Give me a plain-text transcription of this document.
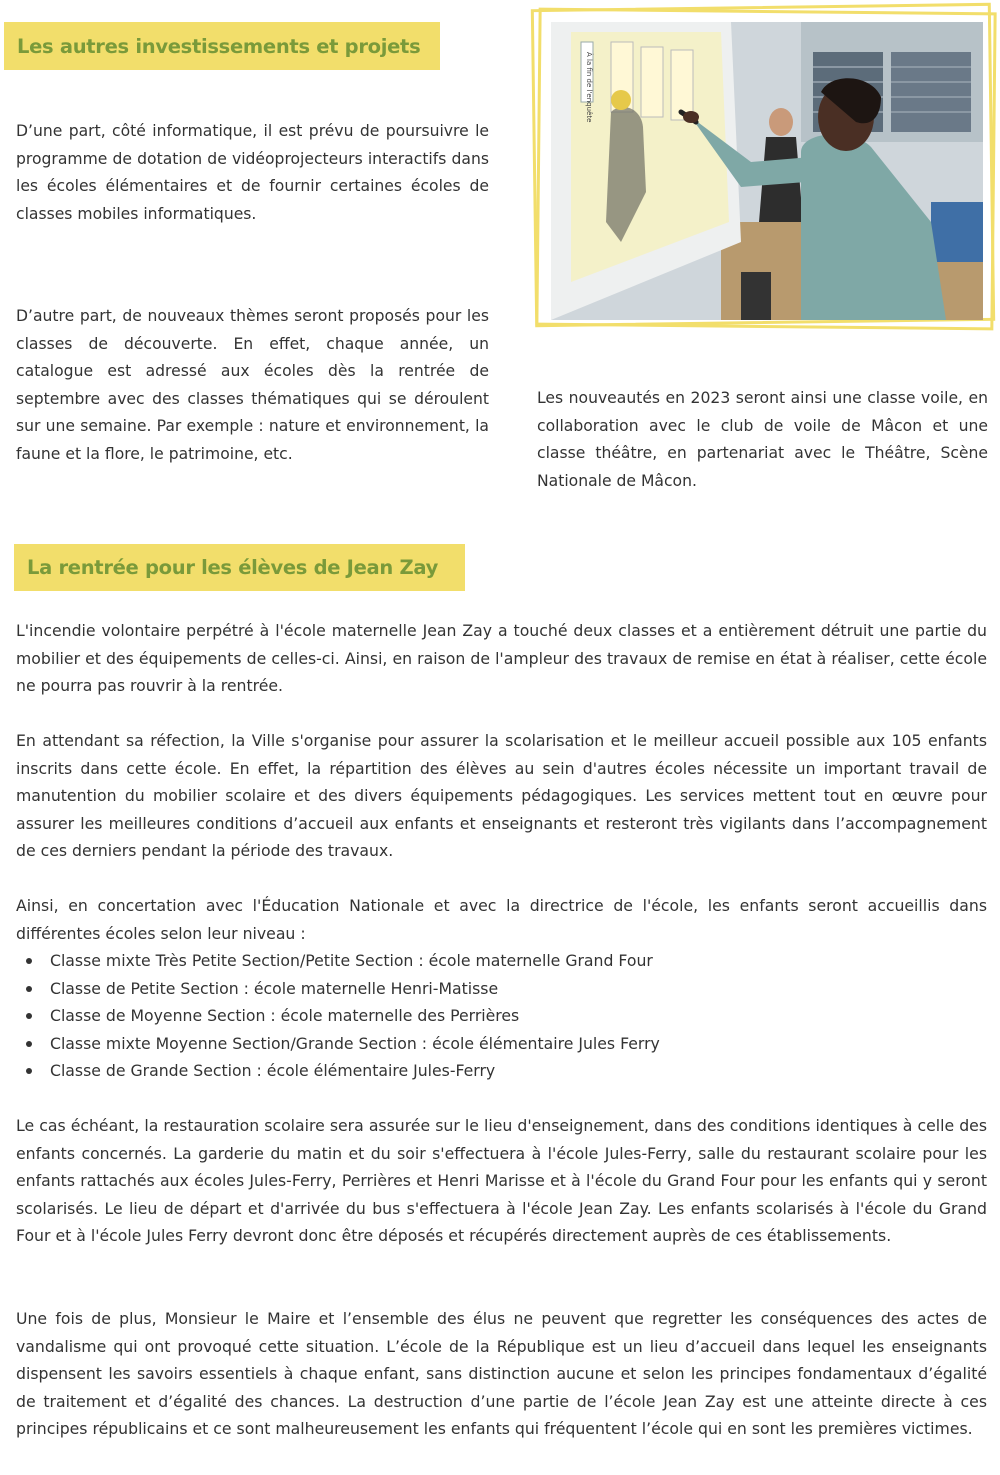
Les autres investissements et projets

D’une part, côté informatique, il est prévu de poursuivre le programme de dotation de vidéoprojecteurs interactifs dans les écoles élémentaires et de fournir certaines écoles de classes mobiles informatiques.

D’autre part, de nouveaux thèmes seront proposés pour les classes de découverte. En effet, chaque année, un catalogue est adressé aux écoles dès la rentrée de septembre avec des classes thématiques qui se déroulent sur une semaine. Par exemple : nature et environnement, la faune et la flore, le patrimoine, etc.

Les nouveautés en 2023 seront ainsi une classe voile, en collaboration avec le club de voile de Mâcon et une classe théâtre, en partenariat avec le Théâtre, Scène Nationale de Mâcon.

À la fin de l'enquête
La rentrée pour les élèves de Jean Zay

L'incendie volontaire perpétré à l'école maternelle Jean Zay a touché deux classes et a entièrement détruit une partie du mobilier et des équipements de celles-ci. Ainsi, en raison de l'ampleur des travaux de remise en état à réaliser, cette école ne pourra pas rouvrir à la rentrée.

En attendant sa réfection, la Ville s'organise pour assurer la scolarisation et le meilleur accueil possible aux 105 enfants inscrits dans cette école. En effet, la répartition des élèves au sein d'autres écoles nécessite un important travail de manutention du mobilier scolaire et des divers équipements pédagogiques. Les services mettent tout en œuvre pour assurer les meilleures conditions d’accueil aux enfants et enseignants et resteront très vigilants dans l’accompagnement de ces derniers pendant la période des travaux.

Ainsi, en concertation avec l'Éducation Nationale et avec la directrice de l'école, les enfants seront accueillis dans différentes écoles selon leur niveau :

Classe mixte Très Petite Section/Petite Section : école maternelle Grand Four
Classe de Petite Section : école maternelle Henri-Matisse
Classe de Moyenne Section : école maternelle des Perrières
Classe mixte Moyenne Section/Grande Section : école élémentaire Jules Ferry
Classe de Grande Section : école élémentaire Jules-Ferry

Le cas échéant, la restauration scolaire sera assurée sur le lieu d'enseignement, dans des conditions identiques à celle des enfants concernés. La garderie du matin et du soir s'effectuera à l'école Jules-Ferry, salle du restaurant scolaire pour les enfants rattachés aux écoles Jules-Ferry, Perrières et Henri Marisse et à l'école du Grand Four pour les enfants qui y seront scolarisés. Le lieu de départ et d'arrivée du bus s'effectuera à l'école Jean Zay. Les enfants scolarisés à l'école du Grand Four et à l'école Jules Ferry devront donc être déposés et récupérés directement auprès de ces établissements.

Une fois de plus, Monsieur le Maire et l’ensemble des élus ne peuvent que regretter les conséquences des actes de vandalisme qui ont provoqué cette situation. L’école de la République est un lieu d’accueil dans lequel les enseignants dispensent les savoirs essentiels à chaque enfant, sans distinction aucune et selon les principes fondamentaux d’égalité de traitement et d’égalité des chances. La destruction d’une partie de l’école Jean Zay est une atteinte directe à ces principes républicains et ce sont malheureusement les enfants qui fréquentent l’école qui en sont les premières victimes.
